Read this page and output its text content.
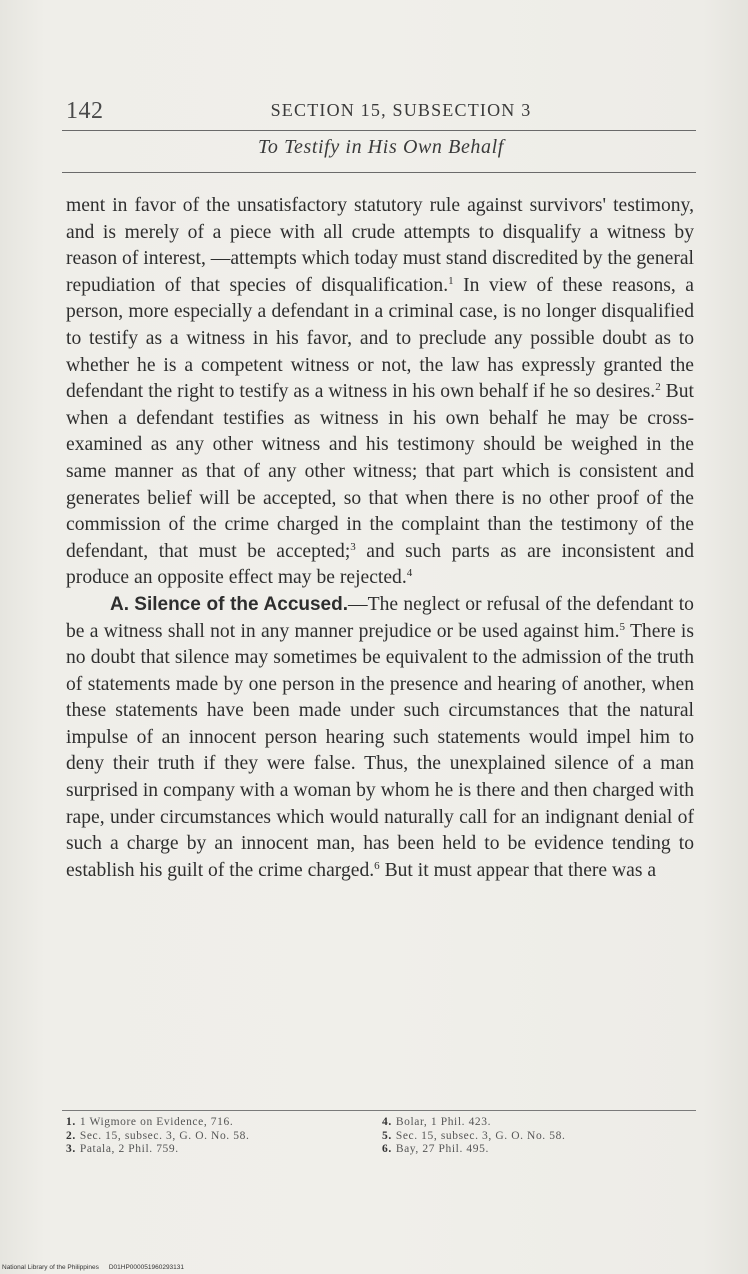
142	SECTION 15, SUBSECTION 3
To Testify in His Own Behalf

ment in favor of the unsatisfactory statutory rule against survivors' testimony, and is merely of a piece with all crude attempts to disqualify a witness by reason of interest, —attempts which today must stand discredited by the general repudiation of that species of disqualification.$^1$ In view of these reasons, a person, more especially a defendant in a criminal case, is no longer disqualified to testify as a witness in his favor, and to preclude any possible doubt as to whether he is a competent witness or not, the law has expressly granted the defendant the right to testify as a witness in his own behalf if he so desires.$^2$ But when a defendant testifies as witness in his own behalf he may be cross-examined as any other witness and his testimony should be weighed in the same manner as that of any other witness; that part which is consistent and generates belief will be accepted, so that when there is no other proof of the commission of the crime charged in the complaint than the testimony of the defendant, that must be accepted;$^3$ and such parts as are inconsistent and produce an opposite effect may be rejected.$^4$

A. Silence of the Accused.—The neglect or refusal of the defendant to be a witness shall not in any manner prejudice or be used against him.$^5$ There is no doubt that silence may sometimes be equivalent to the admission of the truth of statements made by one person in the presence and hearing of another, when these statements have been made under such circumstances that the natural impulse of an innocent person hearing such statements would impel him to deny their truth if they were false. Thus, the unexplained silence of a man surprised in company with a woman by whom he is there and then charged with rape, under circumstances which would naturally call for an indignant denial of such a charge by an innocent man, has been held to be evidence tending to establish his guilt of the crime charged.$^6$ But it must appear that there was a

1. 1 Wigmore on Evidence, 716.
2. Sec. 15, subsec. 3, G. O. No. 58.
3. Patala, 2 Phil. 759.
4. Bolar, 1 Phil. 423.
5. Sec. 15, subsec. 3, G. O. No. 58.
6. Bay, 27 Phil. 495.
National Library of the Philippines D01HP000051960293131
